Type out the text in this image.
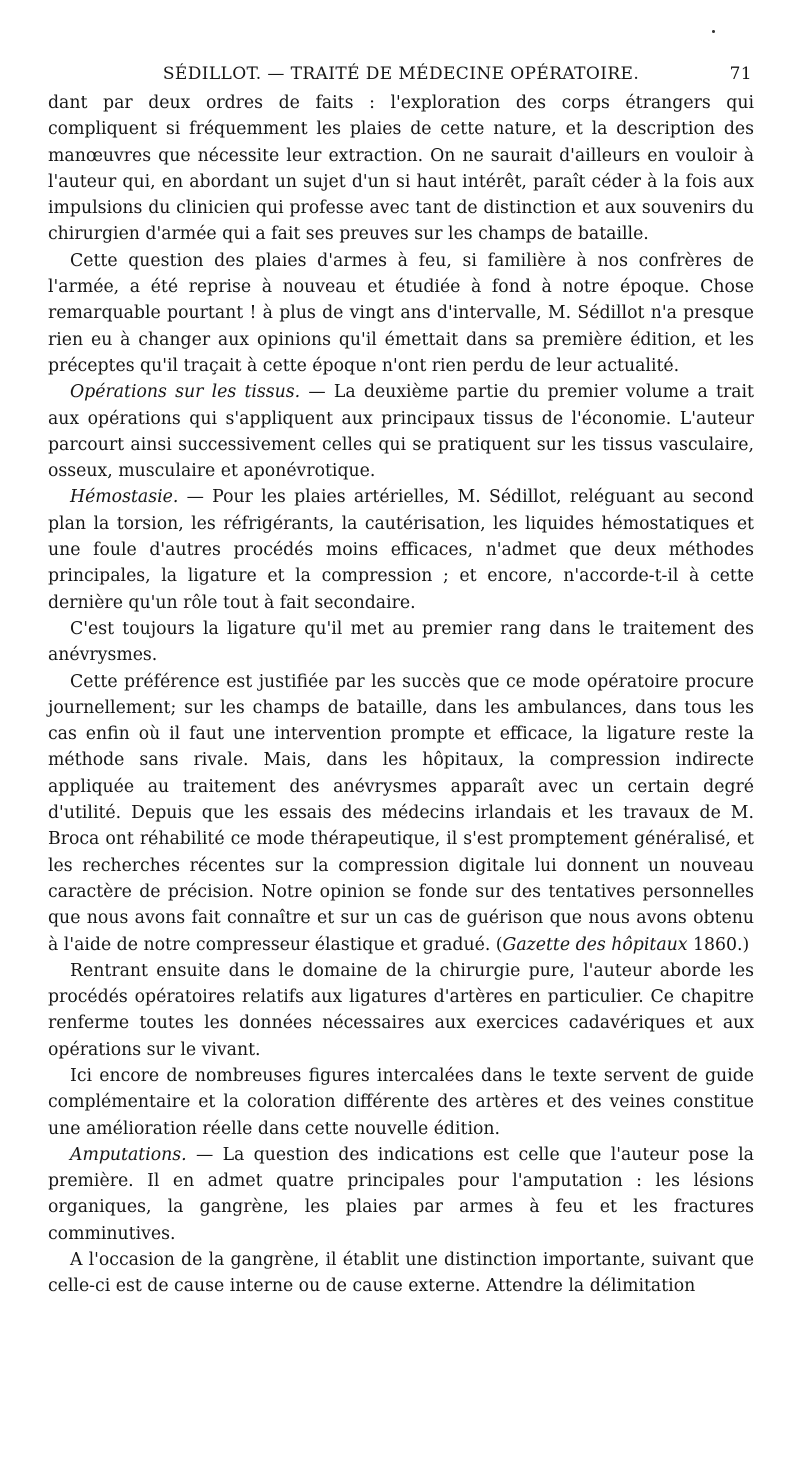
SÉDILLOT. — TRAITÉ DE MÉDECINE OPÉRATOIRE.	71

dant par deux ordres de faits : l'exploration des corps étrangers qui compliquent si fréquemment les plaies de cette nature, et la description des manœuvres que nécessite leur extraction. On ne saurait d'ailleurs en vouloir à l'auteur qui, en abordant un sujet d'un si haut intérêt, paraît céder à la fois aux impulsions du clinicien qui professe avec tant de distinction et aux souvenirs du chirurgien d'armée qui a fait ses preuves sur les champs de bataille.

Cette question des plaies d'armes à feu, si familière à nos confrères de l'armée, a été reprise à nouveau et étudiée à fond à notre époque. Chose remarquable pourtant ! à plus de vingt ans d'intervalle, M. Sédillot n'a presque rien eu à changer aux opinions qu'il émettait dans sa première édition, et les préceptes qu'il traçait à cette époque n'ont rien perdu de leur actualité.

Opérations sur les tissus. — La deuxième partie du premier volume a trait aux opérations qui s'appliquent aux principaux tissus de l'économie. L'auteur parcourt ainsi successivement celles qui se pratiquent sur les tissus vasculaire, osseux, musculaire et aponévrotique.

Hémostasie. — Pour les plaies artérielles, M. Sédillot, reléguant au second plan la torsion, les réfrigérants, la cautérisation, les liquides hémostatiques et une foule d'autres procédés moins efficaces, n'admet que deux méthodes principales, la ligature et la compression ; et encore, n'accorde-t-il à cette dernière qu'un rôle tout à fait secondaire.

C'est toujours la ligature qu'il met au premier rang dans le traitement des anévrysmes.

Cette préférence est justifiée par les succès que ce mode opératoire procure journellement; sur les champs de bataille, dans les ambulances, dans tous les cas enfin où il faut une intervention prompte et efficace, la ligature reste la méthode sans rivale. Mais, dans les hôpitaux, la compression indirecte appliquée au traitement des anévrysmes apparaît avec un certain degré d'utilité. Depuis que les essais des médecins irlandais et les travaux de M. Broca ont réhabilité ce mode thérapeutique, il s'est promptement généralisé, et les recherches récentes sur la compression digitale lui donnent un nouveau caractère de précision. Notre opinion se fonde sur des tentatives personnelles que nous avons fait connaître et sur un cas de guérison que nous avons obtenu à l'aide de notre compresseur élastique et gradué. (Gazette des hôpitaux 1860.)

Rentrant ensuite dans le domaine de la chirurgie pure, l'auteur aborde les procédés opératoires relatifs aux ligatures d'artères en particulier. Ce chapitre renferme toutes les données nécessaires aux exercices cadavériques et aux opérations sur le vivant.

Ici encore de nombreuses figures intercalées dans le texte servent de guide complémentaire et la coloration différente des artères et des veines constitue une amélioration réelle dans cette nouvelle édition.

Amputations. — La question des indications est celle que l'auteur pose la première. Il en admet quatre principales pour l'amputation : les lésions organiques, la gangrène, les plaies par armes à feu et les fractures comminutives.

A l'occasion de la gangrène, il établit une distinction importante, suivant que celle-ci est de cause interne ou de cause externe. Attendre la délimitation
